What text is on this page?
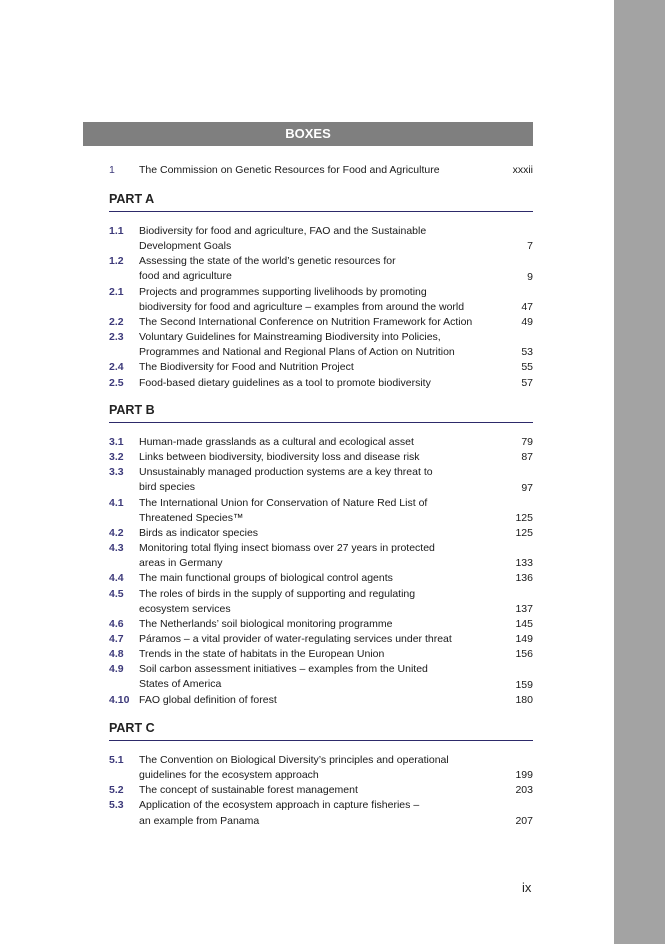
BOXES
1 The Commission on Genetic Resources for Food and Agriculture	xxxii
PART A
1.1 Biodiversity for food and agriculture, FAO and the Sustainable
Development Goals	7
1.2 Assessing the state of the world’s genetic resources for
food and agriculture	9
2.1 Projects and programmes supporting livelihoods by promoting
biodiversity for food and agriculture – examples from around the world	47
2.2 The Second International Conference on Nutrition Framework for Action	49
2.3 Voluntary Guidelines for Mainstreaming Biodiversity into Policies,
Programmes and National and Regional Plans of Action on Nutrition	53
2.4 The Biodiversity for Food and Nutrition Project	55
2.5 Food-based dietary guidelines as a tool to promote biodiversity	57
PART B
3.1 Human-made grasslands as a cultural and ecological asset	79
3.2 Links between biodiversity, biodiversity loss and disease risk	87
3.3 Unsustainably managed production systems are a key threat to
bird species	97
4.1 The International Union for Conservation of Nature Red List of
Threatened Species™	125
4.2 Birds as indicator species	125
4.3 Monitoring total flying insect biomass over 27 years in protected
areas in Germany	133
4.4 The main functional groups of biological control agents	136
4.5 The roles of birds in the supply of supporting and regulating
ecosystem services	137
4.6 The Netherlands’ soil biological monitoring programme	145
4.7 Páramos – a vital provider of water-regulating services under threat	149
4.8 Trends in the state of habitats in the European Union	156
4.9 Soil carbon assessment initiatives – examples from the United
States of America	159
4.10 FAO global definition of forest	180
PART C
5.1 The Convention on Biological Diversity’s principles and operational
guidelines for the ecosystem approach	199
5.2 The concept of sustainable forest management	203
5.3 Application of the ecosystem approach in capture fisheries –
an example from Panama	207
ix
